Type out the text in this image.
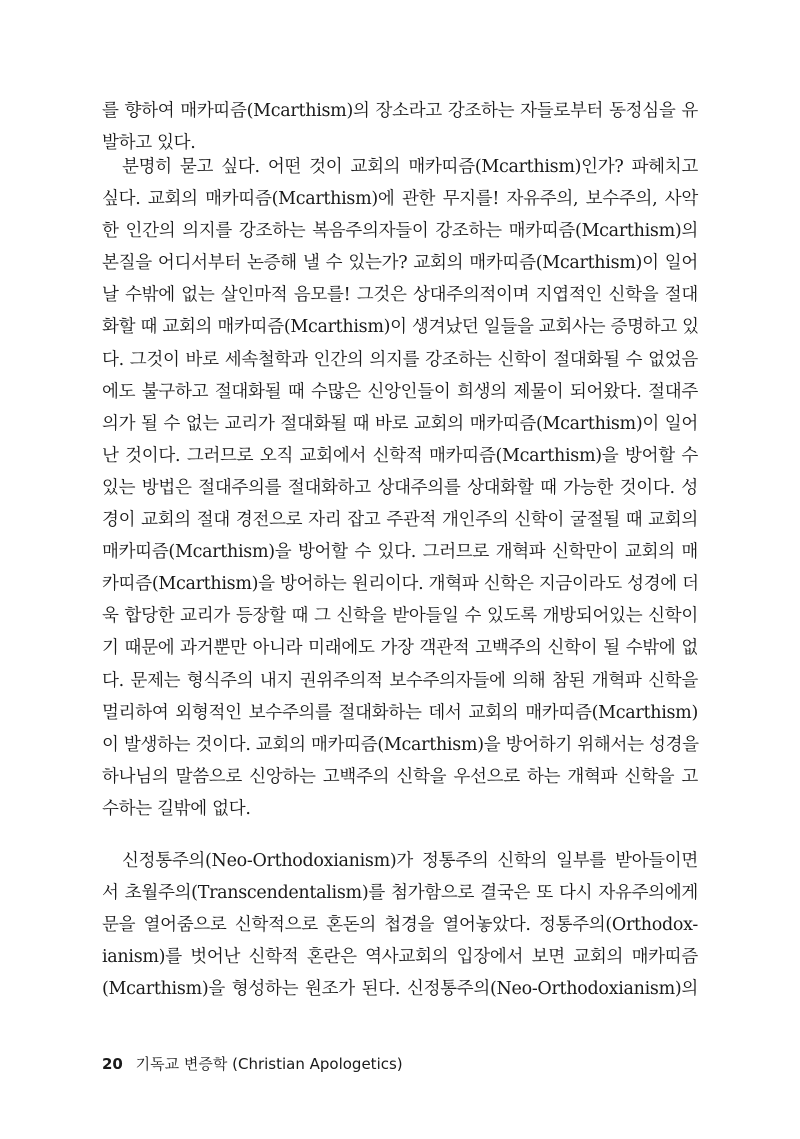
를 향하여 매카띠즘(Mcarthism)의 장소라고 강조하는 자들로부터 동정심을 유
발하고 있다.
분명히 묻고 싶다. 어떤 것이 교회의 매카띠즘(Mcarthism)인가? 파헤치고
싶다. 교회의 매카띠즘(Mcarthism)에 관한 무지를! 자유주의, 보수주의, 사악
한 인간의 의지를 강조하는 복음주의자들이 강조하는 매카띠즘(Mcarthism)의
본질을 어디서부터 논증해 낼 수 있는가? 교회의 매카띠즘(Mcarthism)이 일어
날 수밖에 없는 살인마적 음모를! 그것은 상대주의적이며 지엽적인 신학을 절대
화할 때 교회의 매카띠즘(Mcarthism)이 생겨났던 일들을 교회사는 증명하고 있
다. 그것이 바로 세속철학과 인간의 의지를 강조하는 신학이 절대화될 수 없었음
에도 불구하고 절대화될 때 수많은 신앙인들이 희생의 제물이 되어왔다. 절대주
의가 될 수 없는 교리가 절대화될 때 바로 교회의 매카띠즘(Mcarthism)이 일어
난 것이다. 그러므로 오직 교회에서 신학적 매카띠즘(Mcarthism)을 방어할 수
있는 방법은 절대주의를 절대화하고 상대주의를 상대화할 때 가능한 것이다. 성
경이 교회의 절대 경전으로 자리 잡고 주관적 개인주의 신학이 굴절될 때 교회의
매카띠즘(Mcarthism)을 방어할 수 있다. 그러므로 개혁파 신학만이 교회의 매
카띠즘(Mcarthism)을 방어하는 원리이다. 개혁파 신학은 지금이라도 성경에 더
욱 합당한 교리가 등장할 때 그 신학을 받아들일 수 있도록 개방되어있는 신학이
기 때문에 과거뿐만 아니라 미래에도 가장 객관적 고백주의 신학이 될 수밖에 없
다. 문제는 형식주의 내지 권위주의적 보수주의자들에 의해 참된 개혁파 신학을
멀리하여 외형적인 보수주의를 절대화하는 데서 교회의 매카띠즘(Mcarthism)
이 발생하는 것이다. 교회의 매카띠즘(Mcarthism)을 방어하기 위해서는 성경을
하나님의 말씀으로 신앙하는 고백주의 신학을 우선으로 하는 개혁파 신학을 고
수하는 길밖에 없다.
신정통주의(Neo-Orthodoxianism)가 정통주의 신학의 일부를 받아들이면
서 초월주의(Transcendentalism)를 첨가함으로 결국은 또 다시 자유주의에게
문을 열어줌으로 신학적으로 혼돈의 첩경을 열어놓았다. 정통주의(Orthodox-
ianism)를 벗어난 신학적 혼란은 역사교회의 입장에서 보면 교회의 매카띠즘
(Mcarthism)을 형성하는 원조가 된다. 신정통주의(Neo-Orthodoxianism)의
20 기독교 변증학 (Christian Apologetics)
